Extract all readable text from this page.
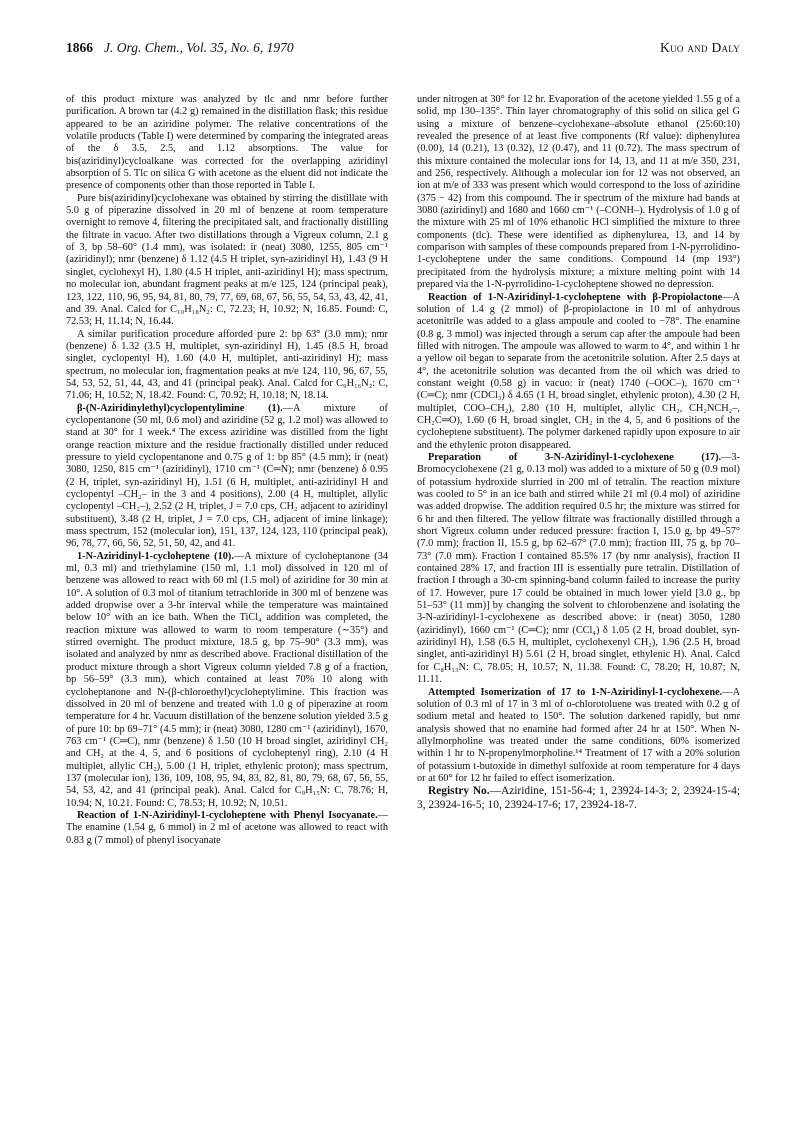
1866 J. Org. Chem., Vol. 35, No. 6, 1970	Kuo and Daly

of this product mixture was analyzed by tlc and nmr before further purification. A brown tar (4.2 g) remained in the distillation flask; this residue appeared to be an aziridine polymer. The relative concentrations of the volatile products (Table I) were determined by comparing the integrated areas of the δ 3.5, 2.5, and 1.12 absorptions. The value for bis(aziridinyl)cycloalkane was corrected for the overlapping aziridinyl absorption of 5. Tlc on silica G with acetone as the eluent did not indicate the presence of components other than those reported in Table I.

Pure bis(aziridinyl)cyclohexane was obtained by stirring the distillate with 5.0 g of piperazine dissolved in 20 ml of benzene at room temperature overnight to remove 4, filtering the precipitated salt, and fractionally distilling the filtrate in vacuo. After two distillations through a Vigreux column, 2.1 g of 3, bp 58–60° (1.4 mm), was isolated: ir (neat) 3080, 1255, 805 cm⁻¹ (aziridinyl); nmr (benzene) δ 1.12 (4.5 H triplet, syn-aziridinyl H), 1.43 (9 H singlet, cyclohexyl H), 1.80 (4.5 H triplet, anti-aziridinyl H); mass spectrum, no molecular ion, abundant fragment peaks at m/e 125, 124 (principal peak), 123, 122, 110, 96, 95, 94, 81, 80, 79, 77, 69, 68, 67, 56, 55, 54, 53, 43, 42, 41, and 39. Anal. Calcd for C₁₀H₁₈N₂: C, 72.23; H, 10.92; N, 16.85. Found: C, 72.53; H, 11.14; N, 16.44.

A similar purification procedure afforded pure 2: bp 63° (3.0 mm); nmr (benzene) δ 1.32 (3.5 H, multiplet, syn-aziridinyl H), 1.45 (8.5 H, broad singlet, cyclopentyl H), 1.60 (4.0 H, multiplet, anti-aziridinyl H); mass spectrum, no molecular ion, fragmentation peaks at m/e 124, 110, 96, 67, 55, 54, 53, 52, 51, 44, 43, and 41 (principal peak). Anal. Calcd for C₉H₁₆N₂: C, 71.06; H, 10.52; N, 18.42. Found: C, 70.92; H, 10.18; N, 18.14.

β-(N-Aziridinylethyl)cyclopentylimine (1).—A mixture of cyclopentanone (50 ml, 0.6 mol) and aziridine (52 g, 1.2 mol) was allowed to stand at 30° for 1 week.⁴ The excess aziridine was distilled from the light orange reaction mixture and the residue fractionally distilled under reduced pressure to yield cyclopentanone and 0.75 g of 1: bp 85° (4.5 mm); ir (neat) 3080, 1250, 815 cm⁻¹ (aziridinyl), 1710 cm⁻¹ (C═N); nmr (benzene) δ 0.95 (2 H, triplet, syn-aziridinyl H), 1.51 (6 H, multiplet, anti-aziridinyl H and cyclopentyl –CH₂– in the 3 and 4 positions), 2.00 (4 H, multiplet, allylic cyclopentyl –CH₂–), 2.52 (2 H, triplet, J = 7.0 cps, CH₂ adjacent to aziridinyl substituent), 3.48 (2 H, triplet, J = 7.0 cps, CH₂ adjacent of imine linkage); mass spectrum, 152 (molecular ion), 151, 137, 124, 123, 110 (principal peak), 96, 78, 77, 66, 56, 52, 51, 50, 42, and 41.

1-N-Aziridinyl-1-cycloheptene (10).—A mixture of cycloheptanone (34 ml, 0.3 ml) and triethylamine (150 ml, 1.1 mol) dissolved in 120 ml of benzene was allowed to react with 60 ml (1.5 mol) of aziridine for 30 min at 10°. A solution of 0.3 mol of titanium tetrachloride in 300 ml of benzene was added dropwise over a 3-hr interval while the temperature was maintained below 10° with an ice bath. When the TiCl₄ addition was completed, the reaction mixture was allowed to warm to room temperature (∼35°) and stirred overnight. The product mixture, 18.5 g, bp 75–90° (3.3 mm), was isolated and analyzed by nmr as described above. Fractional distillation of the product mixture through a short Vigreux column yielded 7.8 g of a fraction, bp 56–59° (3.3 mm), which contained at least 70% 10 along with cycloheptanone and N-(β-chloroethyl)cycloheptylimine. This fraction was dissolved in 20 ml of benzene and treated with 1.0 g of piperazine at room temperature for 4 hr. Vacuum distillation of the benzene solution yielded 3.5 g of pure 10: bp 69–71° (4.5 mm); ir (neat) 3080, 1280 cm⁻¹ (aziridinyl), 1670, 763 cm⁻¹ (C═C), nmr (benzene) δ 1.50 (10 H broad singlet, aziridinyl CH₂ and CH₂ at the 4, 5, and 6 positions of cycloheptenyl ring), 2.10 (4 H multiplet, allylic CH₂), 5.00 (1 H, triplet, ethylenic proton); mass spectrum, 137 (molecular ion), 136, 109, 108, 95, 94, 83, 82, 81, 80, 79, 68, 67, 56, 55, 54, 53, 42, and 41 (principal peak). Anal. Calcd for C₉H₁₅N: C, 78.76; H, 10.94; N, 10.21. Found: C, 78.53; H, 10.92; N, 10.51.

Reaction of 1-N-Aziridinyl-1-cycloheptene with Phenyl Isocyanate.—The enamine (1.54 g, 6 mmol) in 2 ml of acetone was allowed to react with 0.83 g (7 mmol) of phenyl isocyanate

under nitrogen at 30° for 12 hr. Evaporation of the acetone yielded 1.55 g of a solid, mp 130–135°. Thin layer chromatography of this solid on silica gel G using a mixture of benzene–cyclohexane–absolute ethanol (25:60:10) revealed the presence of at least five components (Rf value): diphenylurea (0.00), 14 (0.21), 13 (0.32), 12 (0.47), and 11 (0.72). The mass spectrum of this mixture contained the molecular ions for 14, 13, and 11 at m/e 350, 231, and 256, respectively. Although a molecular ion for 12 was not observed, an ion at m/e of 333 was present which would correspond to the loss of aziridine (375 − 42) from this compound. The ir spectrum of the mixture had bands at 3080 (aziridinyl) and 1680 and 1660 cm⁻¹ (–CONH–). Hydrolysis of 1.0 g of the mixture with 25 ml of 10% ethanolic HCl simplified the mixture to three components (tlc). These were identified as diphenylurea, 13, and 14 by comparison with samples of these compounds prepared from 1-N-pyrrolidino-1-cycloheptene under the same conditions. Compound 14 (mp 193°) precipitated from the hydrolysis mixture; a mixture melting point with 14 prepared via the 1-N-pyrrolidino-1-cycloheptene showed no depression.

Reaction of 1-N-Aziridinyl-1-cycloheptene with β-Propiolactone—A solution of 1.4 g (2 mmol) of β-propiolactone in 10 ml of anhydrous acetonitrile was added to a glass ampoule and cooled to −78°. The enamine (0.8 g, 3 mmol) was injected through a serum cap after the ampoule had been filled with nitrogen. The ampoule was allowed to warm to 4°, and within 1 hr a yellow oil began to separate from the acetonitrile solution. After 2.5 days at 4°, the acetonitrile solution was decanted from the oil which was dried to constant weight (0.58 g) in vacuo: ir (neat) 1740 (–OOC–), 1670 cm⁻¹ (C═C); nmr (CDCl₃) δ 4.65 (1 H, broad singlet, ethylenic proton), 4.30 (2 H, multiplet, COO–CH₂), 2.80 (10 H, multiplet, allylic CH₂, CH₂NCH₂–, CH₂C═O), 1.60 (6 H, broad singlet, CH₂ in the 4, 5, and 6 positions of the cycloheptene substituent). The polymer darkened rapidly upon exposure to air and the ethylenic proton disappeared.

Preparation of 3-N-Aziridinyl-1-cyclohexene (17).—3-Bromocyclohexene (21 g, 0.13 mol) was added to a mixture of 50 g (0.9 mol) of potassium hydroxide slurried in 200 ml of tetralin. The reaction mixture was cooled to 5° in an ice bath and stirred while 21 ml (0.4 mol) of aziridine was added dropwise. The addition required 0.5 hr; the mixture was stirred for 6 hr and then filtered. The yellow filtrate was fractionally distilled through a short Vigreux column under reduced pressure: fraction I, 15.0 g, bp 49–57° (7.0 mm); fraction II, 15.5 g, bp 62–67° (7.0 mm); fraction III, 75 g, bp 70–73° (7.0 mm). Fraction I contained 85.5% 17 (by nmr analysis), fraction II contained 28% 17, and fraction III is essentially pure tetralin. Distillation of fraction I through a 30-cm spinning-band column failed to increase the purity of 17. However, pure 17 could be obtained in much lower yield [3.0 g., bp 51–53° (11 mm)] by changing the solvent to chlorobenzene and isolating the 3-N-aziridinyl-1-cyclohexene as described above: ir (neat) 3050, 1280 (aziridinyl), 1660 cm⁻¹ (C═C); nmr (CCl₄) δ 1.05 (2 H, broad doublet, syn-aziridinyl H), 1.58 (6.5 H, multiplet, cyclohexenyl CH₂), 1.96 (2.5 H, broad singlet, anti-aziridinyl H) 5.61 (2 H, broad singlet, ethylenic H). Anal. Calcd for C₈H₁₃N: C, 78.05; H, 10.57; N, 11.38. Found: C, 78.20; H, 10.87; N, 11.11.

Attempted Isomerization of 17 to 1-N-Aziridinyl-1-cyclohexene.—A solution of 0.3 ml of 17 in 3 ml of o-chlorotoluene was treated with 0.2 g of sodium metal and heated to 150°. The solution darkened rapidly, but nmr analysis showed that no enamine had formed after 24 hr at 150°. When N-allylmorpholine was treated under the same conditions, 60% isomerized within 1 hr to N-propenylmorpholine.¹⁴ Treatment of 17 with a 20% solution of potassium t-butoxide in dimethyl sulfoxide at room temperature for 4 days or at 60° for 12 hr failed to effect isomerization.

Registry No.—Aziridine, 151-56-4; 1, 23924-14-3; 2, 23924-15-4; 3, 23924-16-5; 10, 23924-17-6; 17, 23924-18-7.
